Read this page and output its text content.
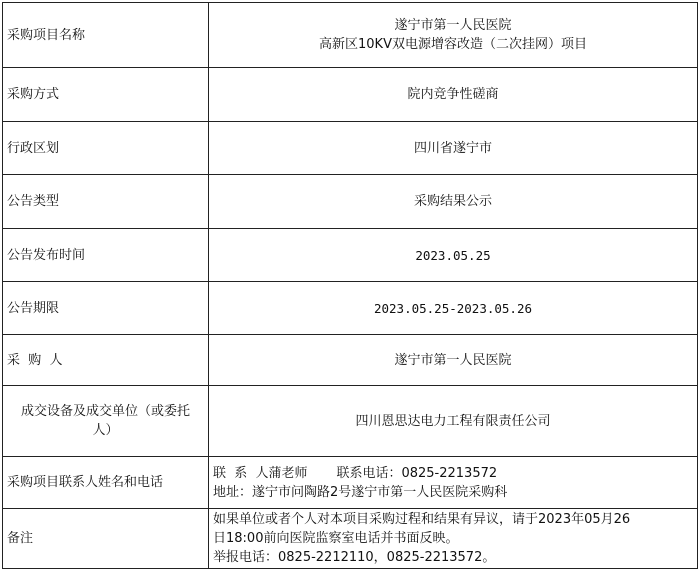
采购项目名称	遂宁市第一人民医院
高新区10KV双电源增容改造（二次挂网）项目

采购方式	院内竞争性磋商
行政区划	四川省遂宁市
公告类型	采购结果公示
公告发布时间	2023.05.25
公告期限	2023.05.25-2023.05.26
采  购  人	遂宁市第一人民医院
成交设备及成交单位（或委托人）	四川恩思达电力工程有限责任公司
采购项目联系人姓名和电话	联  系  人蒲老师       联系电话：0825-2213572
地址：遂宁市问陶路2号遂宁市第一人民医院采购科

备注	如果单位或者个人对本项目采购过程和结果有异议，请于2023年05月26
日18:00前向医院监察室电话并书面反映。
举报电话：0825-2212110，0825-2213572。
